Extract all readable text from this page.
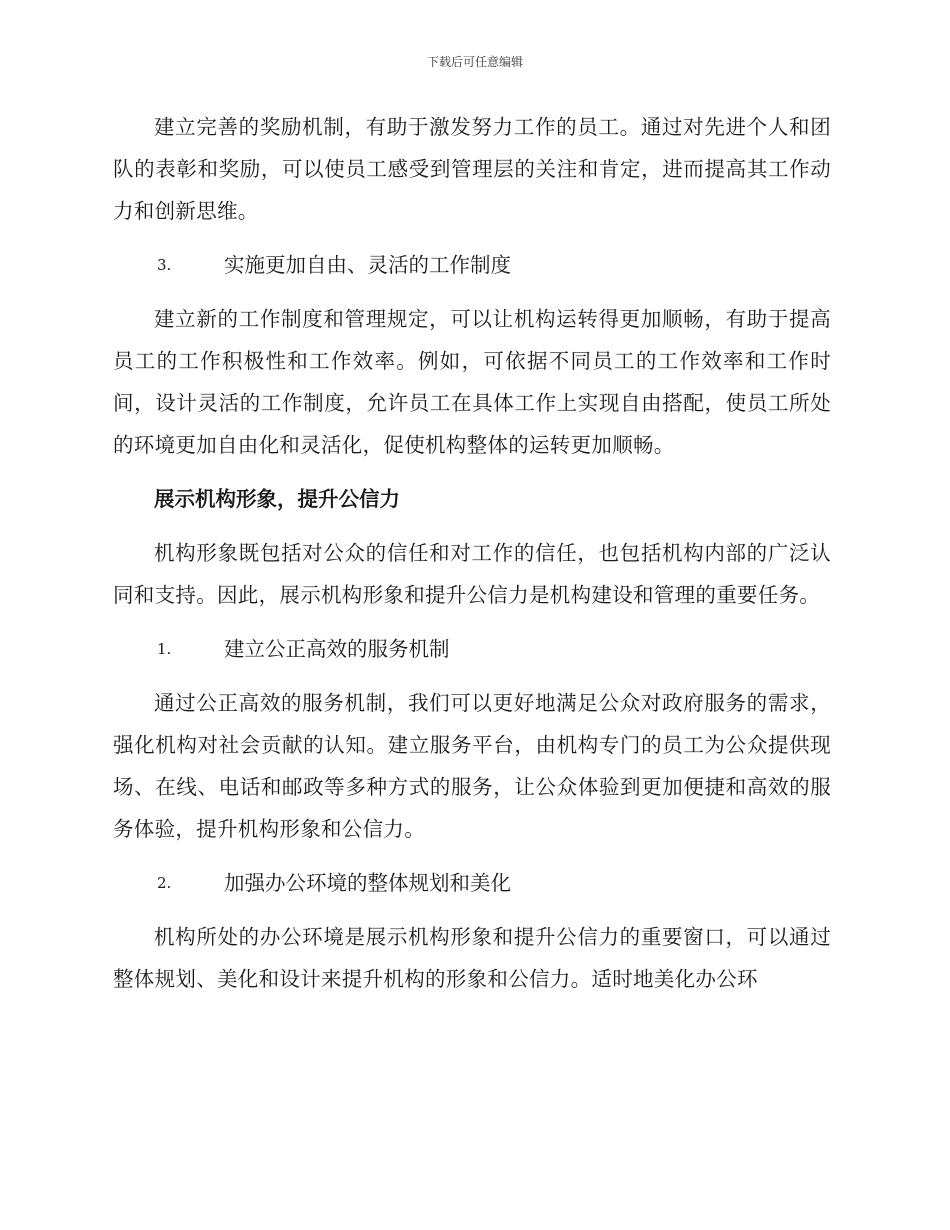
下载后可任意编辑

建立完善的奖励机制，有助于激发努力工作的员工。通过对先进个人和团队的表彰和奖励，可以使员工感受到管理层的关注和肯定，进而提高其工作动力和创新思维。

3.	实施更加自由、灵活的工作制度

建立新的工作制度和管理规定，可以让机构运转得更加顺畅，有助于提高员工的工作积极性和工作效率。例如，可依据不同员工的工作效率和工作时间，设计灵活的工作制度，允许员工在具体工作上实现自由搭配，使员工所处的环境更加自由化和灵活化，促使机构整体的运转更加顺畅。

展示机构形象，提升公信力

机构形象既包括对公众的信任和对工作的信任，也包括机构内部的广泛认同和支持。因此，展示机构形象和提升公信力是机构建设和管理的重要任务。

1.	建立公正高效的服务机制

通过公正高效的服务机制，我们可以更好地满足公众对政府服务的需求，强化机构对社会贡献的认知。建立服务平台，由机构专门的员工为公众提供现场、在线、电话和邮政等多种方式的服务，让公众体验到更加便捷和高效的服务体验，提升机构形象和公信力。

2.	加强办公环境的整体规划和美化

机构所处的办公环境是展示机构形象和提升公信力的重要窗口，可以通过整体规划、美化和设计来提升机构的形象和公信力。适时地美化办公环
